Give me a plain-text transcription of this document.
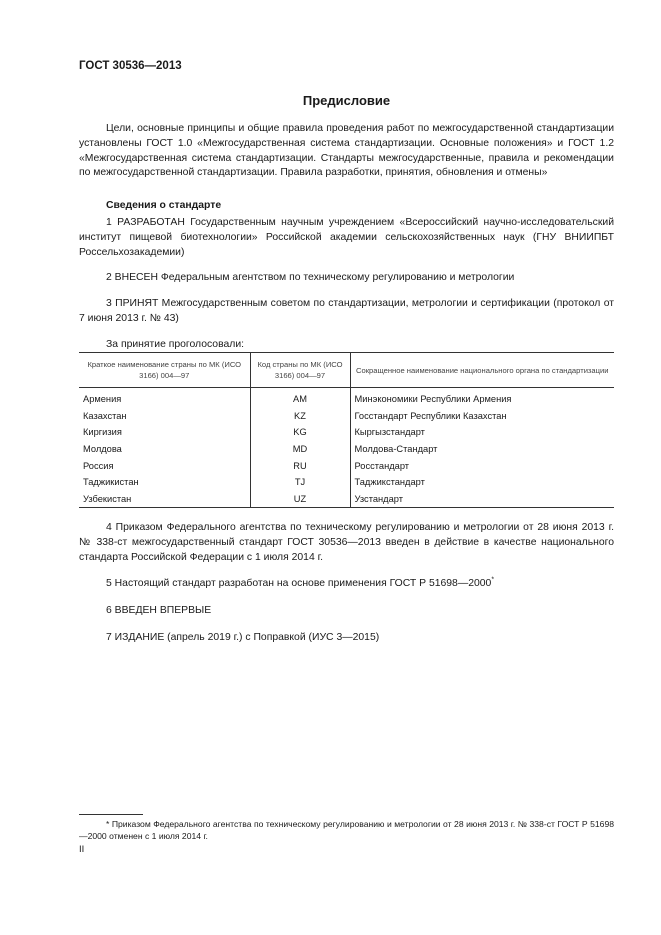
ГОСТ 30536—2013
Предисловие

Цели, основные принципы и общие правила проведения работ по межгосударственной стандартизации установлены ГОСТ 1.0 «Межгосударственная система стандартизации. Основные положения» и ГОСТ 1.2 «Межгосударственная система стандартизации. Стандарты межгосударственные, правила и рекомендации по межгосударственной стандартизации. Правила разработки, принятия, обновления и отмены»

Сведения о стандарте

1 РАЗРАБОТАН Государственным научным учреждением «Всероссийский научно-исследовательский институт пищевой биотехнологии» Российской академии сельскохозяйственных наук (ГНУ ВНИИПБТ Россельхозакадемии)

2 ВНЕСЕН Федеральным агентством по техническому регулированию и метрологии

3 ПРИНЯТ Межгосударственным советом по стандартизации, метрологии и сертификации (протокол от 7 июня 2013 г. № 43)

За принятие проголосовали:

Краткое наименование страны по МК (ИСО 3166) 004—97	Код страны по МК (ИСО 3166) 004—97	Сокращенное наименование национального органа по стандартизации
Армения	AM	Минэкономики Республики Армения
Казахстан	KZ	Госстандарт Республики Казахстан
Киргизия	KG	Кыргызстандарт
Молдова	MD	Молдова-Стандарт
Россия	RU	Росстандарт
Таджикистан	TJ	Таджикстандарт
Узбекистан	UZ	Узстандарт

4 Приказом Федерального агентства по техническому регулированию и метрологии от 28 июня 2013 г. № 338-ст межгосударственный стандарт ГОСТ 30536—2013 введен в действие в качестве национального стандарта Российской Федерации с 1 июля 2014 г.

5 Настоящий стандарт разработан на основе применения ГОСТ Р 51698—2000*

6 ВВЕДЕН ВПЕРВЫЕ

7 ИЗДАНИЕ (апрель 2019 г.) с Поправкой (ИУС 3—2015)

* Приказом Федерального агентства по техническому регулированию и метрологии от 28 июня 2013 г. № 338-ст ГОСТ Р 51698—2000 отменен с 1 июля 2014 г.

II
